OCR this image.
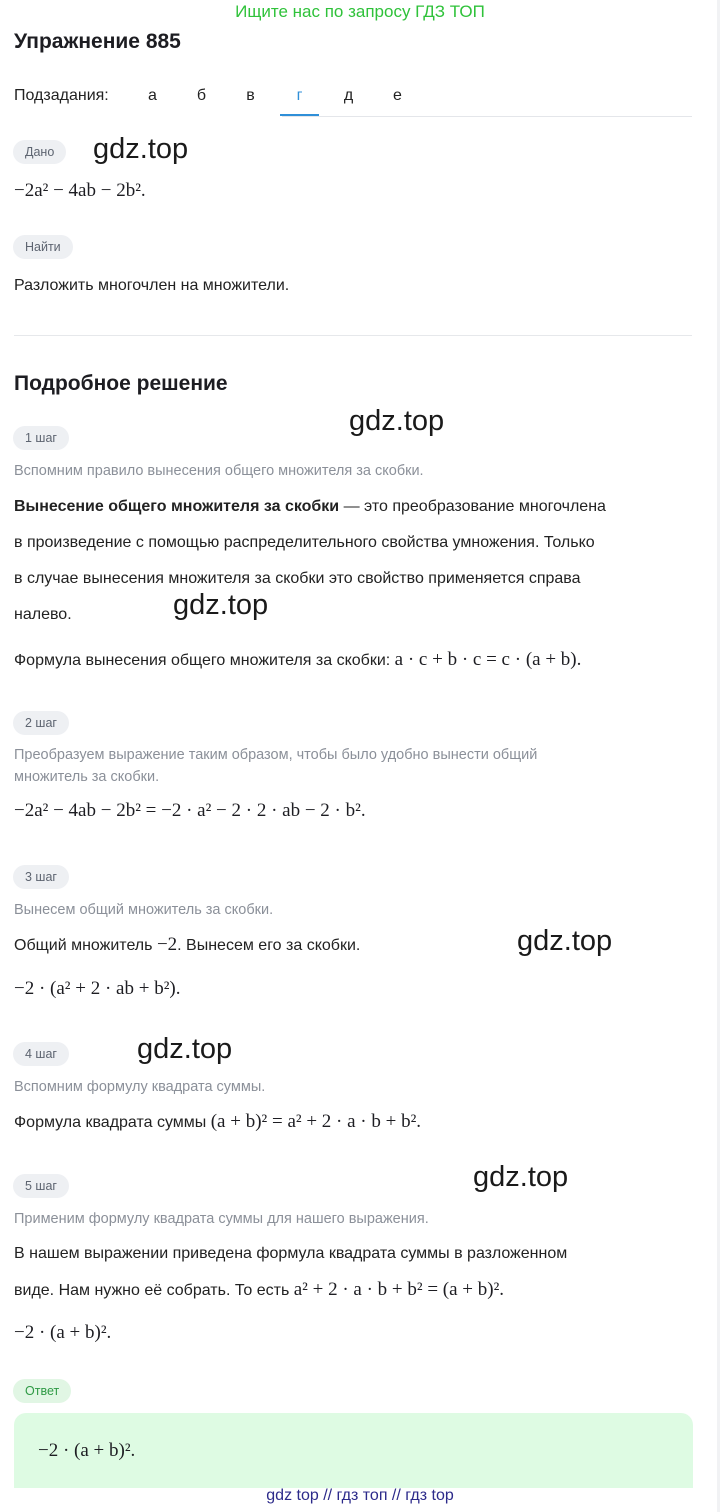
Ищите нас по запросу ГДЗ ТОП
Упражнение 885
Подзадания:	а	б	в	г	д	е
Дано
−2a² − 4ab − 2b².
Найти
Разложить многочлен на множители.
Подробное решение
1 шаг
Вспомним правило вынесения общего множителя за скобки.
Вынесение общего множителя за скобки — это преобразование многочлена
в произведение с помощью распределительного свойства умножения. Только
в случае вынесения множителя за скобки это свойство применяется справа
налево.
Формула вынесения общего множителя за скобки: a · c + b · c = c · (a + b).
2 шаг
Преобразуем выражение таким образом, чтобы было удобно вынести общий
множитель за скобки.
−2a² − 4ab − 2b² = −2 · a² − 2 · 2 · ab − 2 · b².
3 шаг
Вынесем общий множитель за скобки.
Общий множитель −2. Вынесем его за скобки.
−2 · (a² + 2 · ab + b²).
4 шаг
Вспомним формулу квадрата суммы.
Формула квадрата суммы (a + b)² = a² + 2 · a · b + b².
5 шаг
Применим формулу квадрата суммы для нашего выражения.
В нашем выражении приведена формула квадрата суммы в разложенном
виде. Нам нужно её собрать. То есть a² + 2 · a · b + b² = (a + b)².
−2 · (a + b)².
Ответ
−2 · (a + b)².
gdz.top
gdz.top
gdz.top
gdz.top
gdz.top
gdz.top
gdz top // гдз топ // гдз top
